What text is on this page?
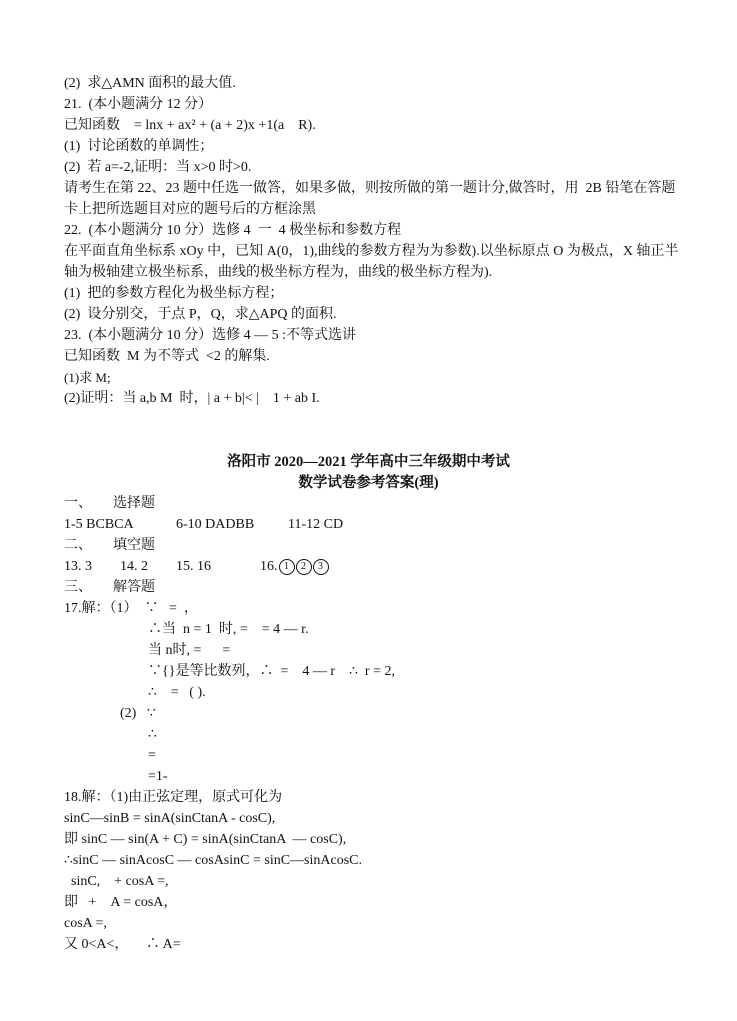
(2)  求△AMN 面积的最大值.
21.  (本小题满分 12 分）
已知函数    = lnx + ax² + (a + 2)x +1(a    R).
(1)  讨论函数的单调性；
(2)  若 a=-2,证明：当 x>0 时>0.
请考生在第 22、23 题中任选一做答，如果多做，则按所做的第一题计分,做答时，用  2B 铅笔在答题
卡上把所选题目对应的题号后的方框涂黑
22.  (本小题满分 10 分）选修 4  一  4 极坐标和参数方程
在平面直角坐标系 xOy 中，已知 A(0，1),曲线的参数方程为为参数).以坐标原点 O 为极点，X 轴正半
轴为极轴建立极坐标系，曲线的极坐标方程为，曲线的极坐标方程为).
(1)  把的参数方程化为极坐标方程；
(2)  设分别交，于点 P，Q，求△APQ 的面积.
23.  (本小题满分 10 分）选修 4 — 5 :不等式选讲
已知函数  M 为不等式  <2 的解集.
(1)求 M;
(2)证明：当 a,b M  时，| a + b|< |    1 + ab I.
洛阳市 2020—2021 学年高中三年级期中考试
数学试卷参考答案(理)
一、      选择题
1-5 BCBCA	6-10 DADBB 11-12 CD
二、      填空题
13. 3 14. 2 15. 16	16. 1 2 3
三、      解答题
17.解：（1）  ∵   =  ，
∴当  n = 1  时, =    = 4 — r.
当 n时, =      =
∵{}是等比数列，∴  =    4 — r    ∴  r = 2,
∴    =   ( ).
(2)   ∵
∴
=
=1-
18.解：（1)由正弦定理，原式可化为
sinC—sinB = sinA(sinCtanA - cosC),
即 sinC — sin(A + C) = sinA(sinCtanA  — cosC),
∴sinC — sinAcosC — cosAsinC = sinC—sinAcosC.
sinC,    + cosA =,
即   +    A = cosA，
cosA =,
又 0<A<，     ∴ A=
